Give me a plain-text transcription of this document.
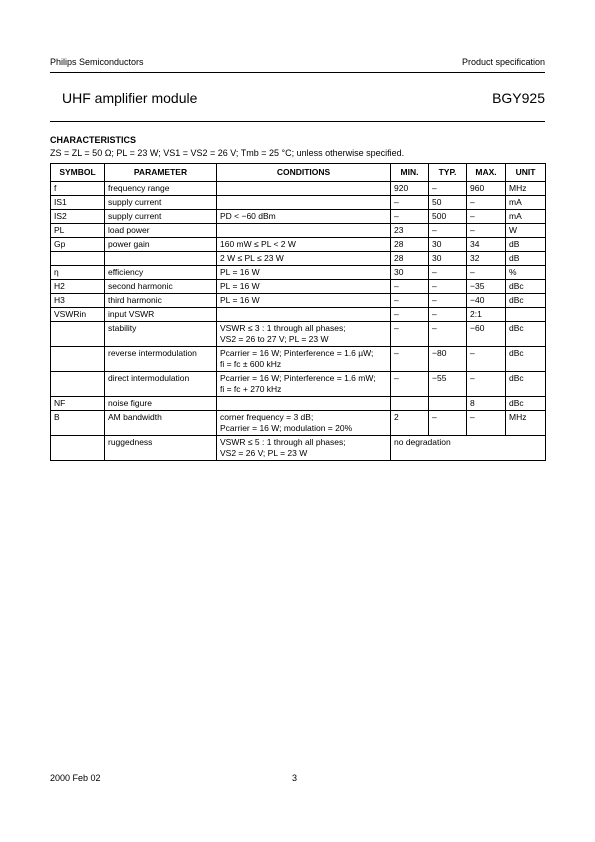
Philips Semiconductors	Product specification
UHF amplifier module	BGY925
CHARACTERISTICS
ZS = ZL = 50 Ω; PL = 23 W; VS1 = VS2 = 26 V; Tmb = 25 °C; unless otherwise specified.
SYMBOL	PARAMETER	CONDITIONS	MIN.	TYP.	MAX.	UNIT
f	frequency range		920	–	960	MHz
IS1	supply current		–	50	–	mA
IS2	supply current	PD < −60 dBm	–	500	–	mA
PL	load power		23	–	–	W
Gp	power gain	160 mW ≤ PL < 2 W	28	30	34	dB

		2 W ≤ PL ≤ 23 W	28	30	32	dB
η	efficiency	PL = 16 W	30	–	–	%
H2	second harmonic	PL = 16 W	–	–	−35	dBc
H3	third harmonic	PL = 16 W	–	–	−40	dBc
VSWRin	input VSWR		–	–	2:1	
	stability	VSWR ≤ 3 : 1 through all phases;
VS2 = 26 to 27 V; PL = 23 W	–	–	−60	dBc
	reverse intermodulation	Pcarrier = 16 W; Pinterference = 1.6 µW;
fi = fc ± 600 kHz	–	−80	–	dBc
	direct intermodulation	Pcarrier = 16 W; Pinterference = 1.6 mW;
fi = fc + 270 kHz	–	−55	–	dBc
NF	noise figure				8	dBc
B	AM bandwidth	corner frequency = 3 dB;
Pcarrier = 16 W; modulation = 20%	2	–	–	MHz
	ruggedness	VSWR ≤ 5 : 1 through all phases;
VS2 = 26 V; PL = 23 W	no degradation			
2000 Feb 02	3
